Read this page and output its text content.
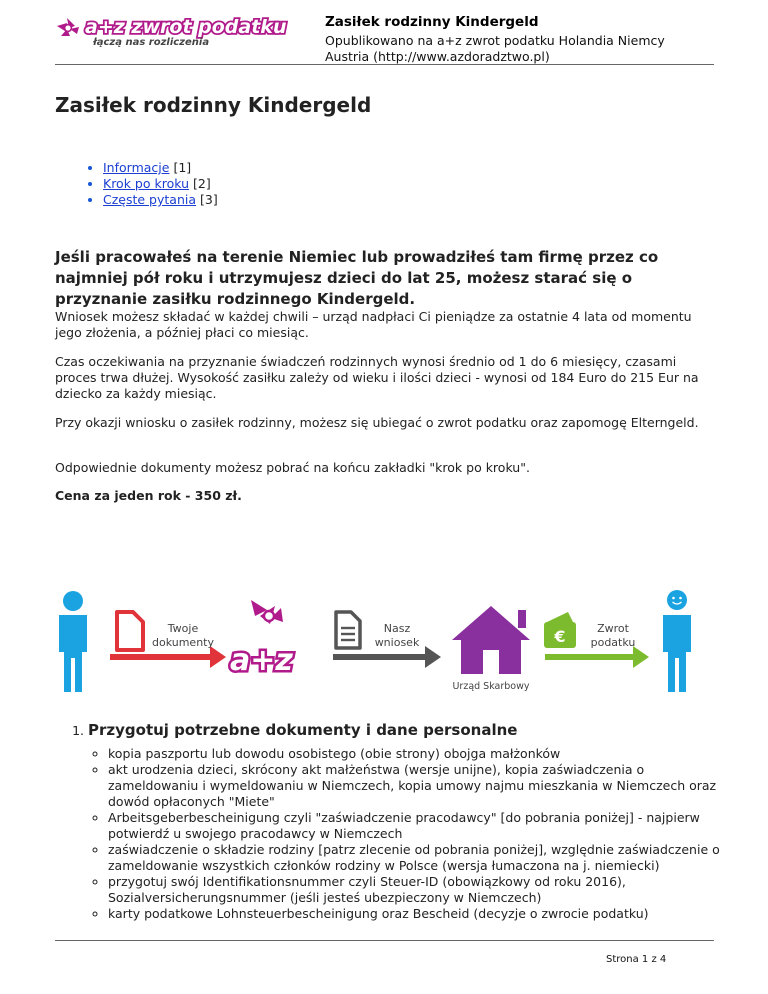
a+z zwrot podatku
łączą nas rozliczenia
Zasiłek rodzinny Kindergeld
Opublikowano na a+z zwrot podatku Holandia Niemcy
Austria (http://www.azdoradztwo.pl)
Zasiłek rodzinny Kindergeld
• Informacje [1]
• Krok po kroku [2]
• Częste pytania [3]

Jeśli pracowałeś na terenie Niemiec lub prowadziłeś tam firmę przez co najmniej pół roku i utrzymujesz dzieci do lat 25, możesz starać się o przyznanie zasiłku rodzinnego Kindergeld.

Wniosek możesz składać w każdej chwili – urząd nadpłaci Ci pieniądze za ostatnie 4 lata od momentu jego złożenia, a później płaci co miesiąc.

Czas oczekiwania na przyznanie świadczeń rodzinnych wynosi średnio od 1 do 6 miesięcy, czasami proces trwa dłużej. Wysokość zasiłku zależy od wieku i ilości dzieci - wynosi od 184 Euro do 215 Eur na dziecko za każdy miesiąc.

Przy okazji wniosku o zasiłek rodzinny, możesz się ubiegać o zwrot podatku oraz zapomogę Elterngeld.

Odpowiednie dokumenty możesz pobrać na końcu zakładki "krok po kroku".

Cena za jeden rok - 350 zł.

Twoje
dokumenty
a+z
Nasz
wniosek
Urząd Skarbowy
€	Zwrot
podatku
1. Przygotuj potrzebne dokumenty i dane personalne
◦ kopia paszportu lub dowodu osobistego (obie strony) obojga małżonków
◦ akt urodzenia dzieci, skrócony akt małżeństwa (wersje unijne), kopia zaświadczenia o zameldowaniu i wymeldowaniu w Niemczech, kopia umowy najmu mieszkania w Niemczech oraz dowód opłaconych "Miete"
◦ Arbeitsgeberbescheinigung czyli "zaświadczenie pracodawcy" [do pobrania poniżej] - najpierw potwierdź u swojego pracodawcy w Niemczech
◦ zaświadczenie o składzie rodziny [patrz zlecenie od pobrania poniżej], względnie zaświadczenie o zameldowanie wszystkich członków rodziny w Polsce (wersja łumaczona na j. niemiecki)
◦ przygotuj swój Identifikationsnummer czyli Steuer-ID (obowiązkowy od roku 2016), Sozialversicherungsnummer (jeśli jesteś ubezpieczony w Niemczech)
◦ karty podatkowe Lohnsteuerbescheinigung oraz Bescheid (decyzje o zwrocie podatku)
Strona 1 z 4
